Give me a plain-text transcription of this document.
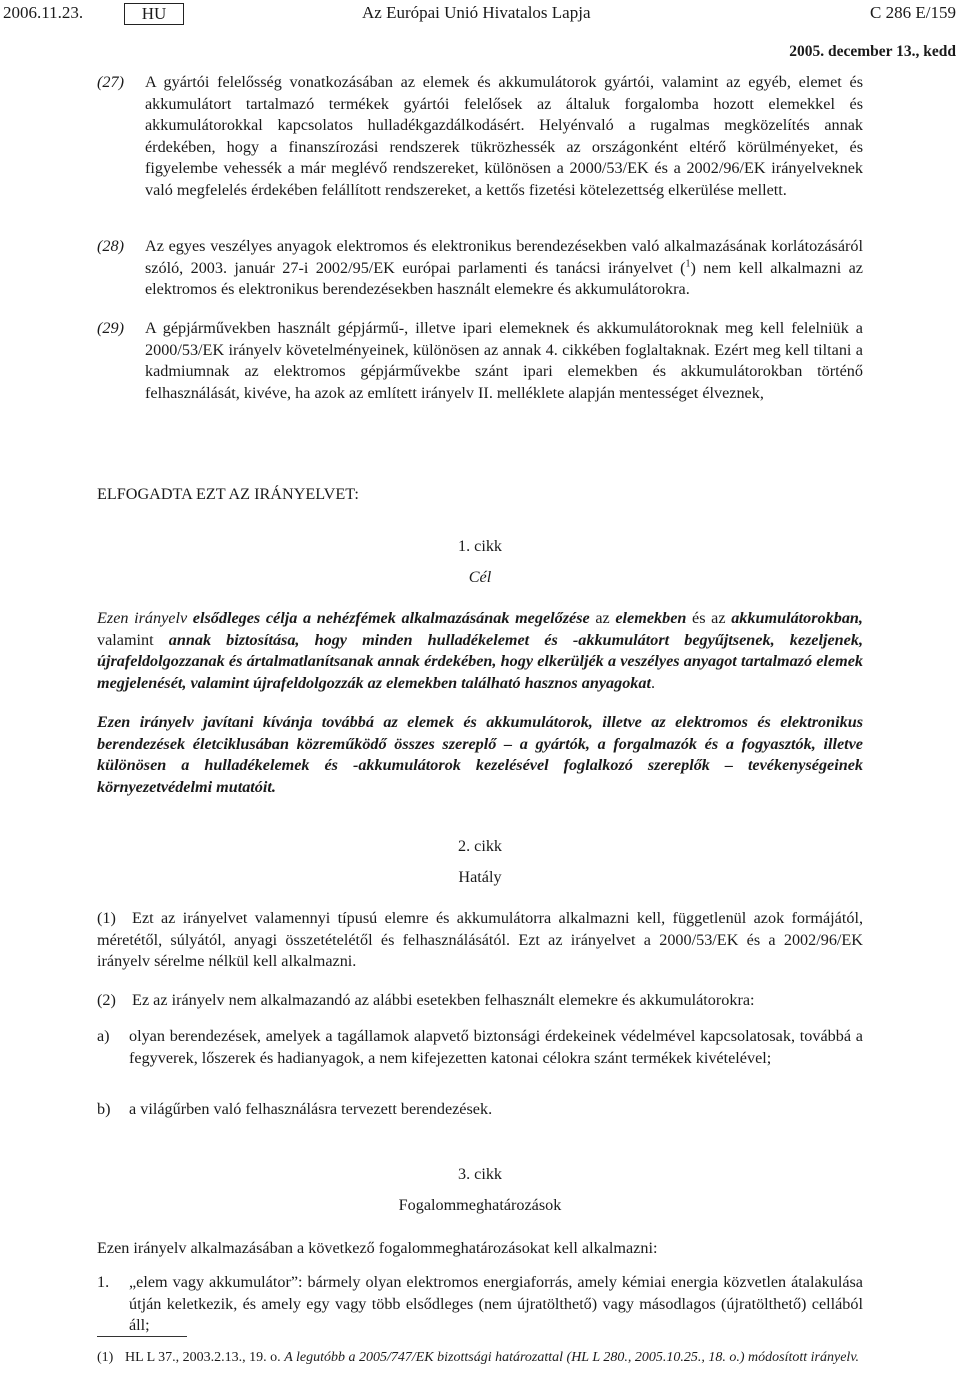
2006.11.23.	HU	Az Európai Unió Hivatalos Lapja	C 286 E/159
2005. december 13., kedd
(27) A gyártói felelősség vonatkozásában az elemek és akkumulátorok gyártói, valamint az egyéb, elemet és akkumulátort tartalmazó termékek gyártói felelősek az általuk forgalomba hozott elemekkel és akkumulátorokkal kapcsolatos hulladékgazdálkodásért. Helyénvaló a rugalmas megközelítés annak érdekében, hogy a finanszírozási rendszerek tükrözhessék az országonként eltérő körülményeket, és figyelembe vehessék a már meglévő rendszereket, különösen a 2000/53/EK és a 2002/96/EK irányelveknek való megfelelés érdekében felállított rendszereket, a kettős fizetési kötelezettség elkerülése mellett.
(28) Az egyes veszélyes anyagok elektromos és elektronikus berendezésekben való alkalmazásának korlátozásáról szóló, 2003. január 27-i 2002/95/EK európai parlamenti és tanácsi irányelvet ($^1$) nem kell alkalmazni az elektromos és elektronikus berendezésekben használt elemekre és akkumulátorokra.
(29) A gépjárművekben használt gépjármű-, illetve ipari elemeknek és akkumulátoroknak meg kell felelniük a 2000/53/EK irányelv követelményeinek, különösen az annak 4. cikkében foglaltaknak. Ezért meg kell tiltani a kadmiumnak az elektromos gépjárművekbe szánt ipari elemekben és akkumulátorokban történő felhasználását, kivéve, ha azok az említett irányelv II. melléklete alapján mentességet élveznek,
ELFOGADTA EZT AZ IRÁNYELVET:
1. cikk
Cél
Ezen irányelv elsődleges célja a nehézfémek alkalmazásának megelőzése az elemekben és az akkumulátorokban, valamint annak biztosítása, hogy minden hulladékelemet és -akkumulátort begyűjtsenek, kezeljenek, újrafeldolgozzanak és ártalmatlanítsanak annak érdekében, hogy elkerüljék a veszélyes anyagot tartalmazó elemek megjelenését, valamint újrafeldolgozzák az elemekben található hasznos anyagokat.
Ezen irányelv javítani kívánja továbbá az elemek és akkumulátorok, illetve az elektromos és elektronikus berendezések életciklusában közreműködő összes szereplő – a gyártók, a forgalmazók és a fogyasztók, illetve különösen a hulladékelemek és -akkumulátorok kezelésével foglalkozó szereplők – tevékenységeinek környezetvédelmi mutatóit.
2. cikk
Hatály
(1) Ezt az irányelvet valamennyi típusú elemre és akkumulátorra alkalmazni kell, függetlenül azok formájától, méretétől, súlyától, anyagi összetételétől és felhasználásától. Ezt az irányelvet a 2000/53/EK és a 2002/96/EK irányelv sérelme nélkül kell alkalmazni.
(2) Ez az irányelv nem alkalmazandó az alábbi esetekben felhasznált elemekre és akkumulátorokra:
a) olyan berendezések, amelyek a tagállamok alapvető biztonsági érdekeinek védelmével kapcsolatosak, továbbá a fegyverek, lőszerek és hadianyagok, a nem kifejezetten katonai célokra szánt termékek kivételével;
b) a világűrben való felhasználásra tervezett berendezések.
3. cikk
Fogalommeghatározások
Ezen irányelv alkalmazásában a következő fogalommeghatározásokat kell alkalmazni:
1. „elem vagy akkumulátor”: bármely olyan elektromos energiaforrás, amely kémiai energia közvetlen átalakulása útján keletkezik, és amely egy vagy több elsődleges (nem újratölthető) vagy másodlagos (újratölthető) cellából áll;
(1) HL L 37., 2003.2.13., 19. o. A legutóbb a 2005/747/EK bizottsági határozattal (HL L 280., 2005.10.25., 18. o.) módosított irányelv.
